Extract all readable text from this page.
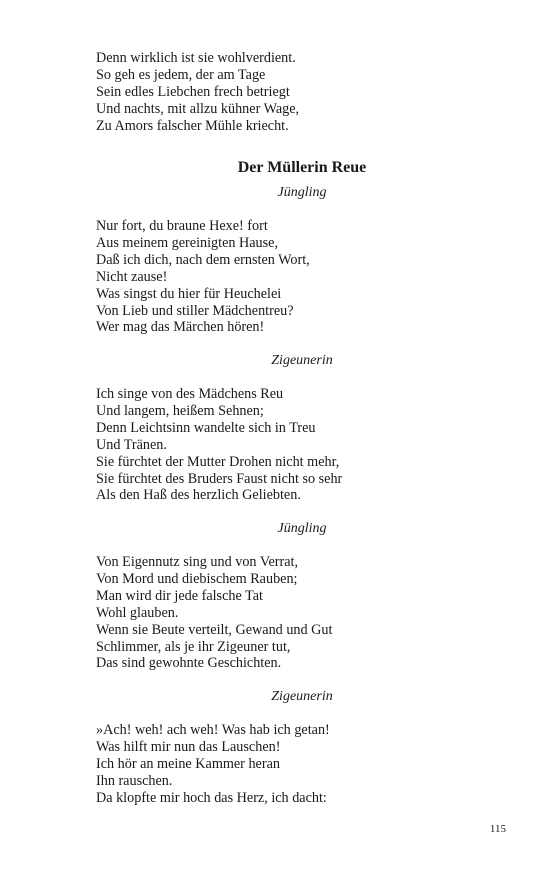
Denn wirklich ist sie wohlverdient.
So geh es jedem, der am Tage
Sein edles Liebchen frech betriegt
Und nachts, mit allzu kühner Wage,
Zu Amors falscher Mühle kriecht.
Der Müllerin Reue
Jüngling
Nur fort, du braune Hexe! fort
Aus meinem gereinigten Hause,
Daß ich dich, nach dem ernsten Wort,
Nicht zause!
Was singst du hier für Heuchelei
Von Lieb und stiller Mädchentreu?
Wer mag das Märchen hören!
Zigeunerin
Ich singe von des Mädchens Reu
Und langem, heißem Sehnen;
Denn Leichtsinn wandelte sich in Treu
Und Tränen.
Sie fürchtet der Mutter Drohen nicht mehr,
Sie fürchtet des Bruders Faust nicht so sehr
Als den Haß des herzlich Geliebten.
Jüngling
Von Eigennutz sing und von Verrat,
Von Mord und diebischem Rauben;
Man wird dir jede falsche Tat
Wohl glauben.
Wenn sie Beute verteilt, Gewand und Gut
Schlimmer, als je ihr Zigeuner tut,
Das sind gewohnte Geschichten.
Zigeunerin
»Ach! weh! ach weh! Was hab ich getan!
Was hilft mir nun das Lauschen!
Ich hör an meine Kammer heran
Ihn rauschen.
Da klopfte mir hoch das Herz, ich dacht:
115
